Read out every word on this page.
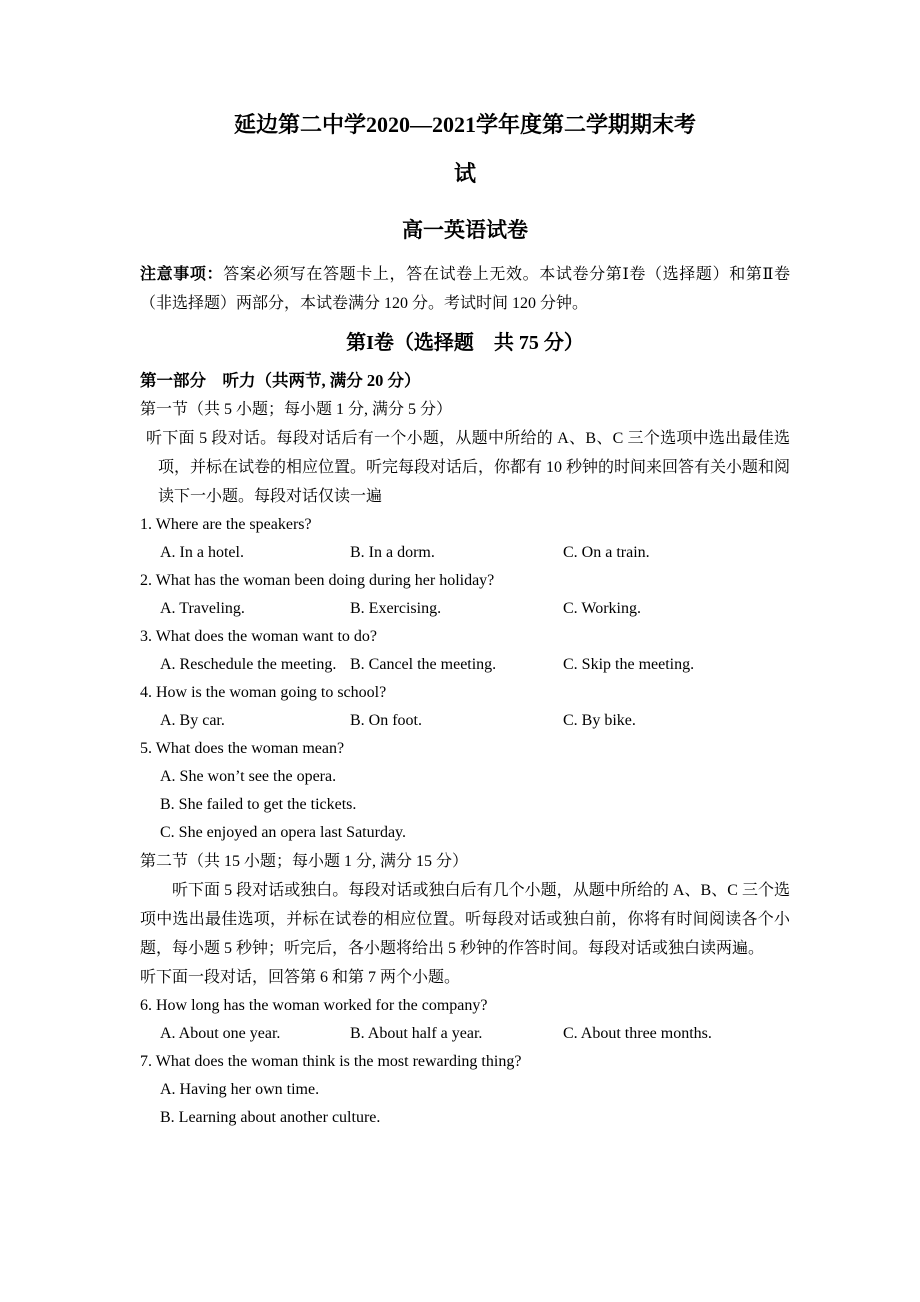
延边第二中学2020—2021学年度第二学期期末考
试
高一英语试卷

注意事项：答案必须写在答题卡上，答在试卷上无效。本试卷分第Ⅰ卷（选择题）和第Ⅱ卷（非选择题）两部分，本试卷满分 120 分。考试时间 120 分钟。

第I卷（选择题　共 75 分）
第一部分　听力（共两节, 满分 20 分）
第一节（共 5 小题；每小题 1 分, 满分 5 分）

听下面 5 段对话。每段对话后有一个小题，从题中所给的 A、B、C 三个选项中选出最佳选项，并标在试卷的相应位置。听完每段对话后，你都有 10 秒钟的时间来回答有关小题和阅读下一小题。每段对话仅读一遍

1. Where are the speakers?
A. In a hotel.	B. In a dorm.	C. On a train.
2. What has the woman been doing during her holiday?
A. Traveling.	B. Exercising.	C. Working.
3. What does the woman want to do?
A. Reschedule the meeting. B. Cancel the meeting.	C. Skip the meeting.
4. How is the woman going to school?
A. By car.	B. On foot.	C. By bike.
5. What does the woman mean?
A. She won’t see the opera.
B. She failed to get the tickets.
C. She enjoyed an opera last Saturday.
第二节（共 15 小题；每小题 1 分, 满分 15 分）

听下面 5 段对话或独白。每段对话或独白后有几个小题，从题中所给的 A、B、C 三个选项中选出最佳选项，并标在试卷的相应位置。听每段对话或独白前，你将有时间阅读各个小题，每小题 5 秒钟；听完后，各小题将给出 5 秒钟的作答时间。每段对话或独白读两遍。

听下面一段对话，回答第 6 和第 7 两个小题。
6. How long has the woman worked for the company?
A. About one year.	B. About half a year.	C. About three months.
7. What does the woman think is the most rewarding thing?
A. Having her own time.
B. Learning about another culture.
